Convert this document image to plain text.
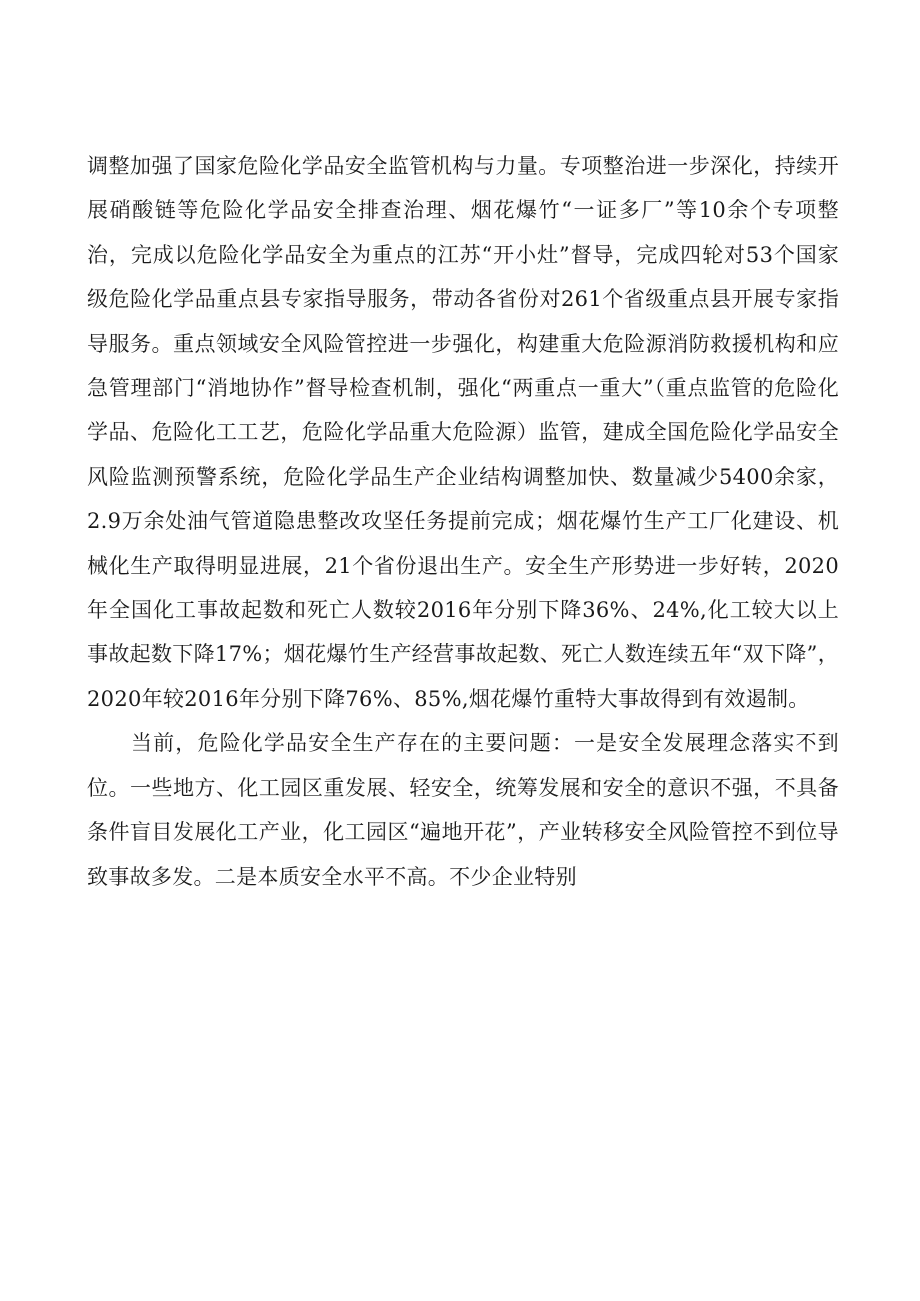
调整加强了国家危险化学品安全监管机构与力量。专项整治进一步深化，持续开展硝酸链等危险化学品安全排查治理、烟花爆竹“一证多厂”等10余个专项整治，完成以危险化学品安全为重点的江苏“开小灶”督导，完成四轮对53个国家级危险化学品重点县专家指导服务，带动各省份对261个省级重点县开展专家指导服务。重点领域安全风险管控进一步强化，构建重大危险源消防救援机构和应急管理部门“消地协作”督导检查机制，强化“两重点一重大”（重点监管的危险化学品、危险化工工艺，危险化学品重大危险源）监管，建成全国危险化学品安全风险监测预警系统，危险化学品生产企业结构调整加快、数量减少5400余家，2.9万余处油气管道隐患整改攻坚任务提前完成；烟花爆竹生产工厂化建设、机械化生产取得明显进展，21个省份退出生产。安全生产形势进一步好转，2020年全国化工事故起数和死亡人数较2016年分别下降36%、24%,化工较大以上事故起数下降17%；烟花爆竹生产经营事故起数、死亡人数连续五年“双下降”，2020年较2016年分别下降76%、85%,烟花爆竹重特大事故得到有效遏制。

当前，危险化学品安全生产存在的主要问题：一是安全发展理念落实不到位。一些地方、化工园区重发展、轻安全，统筹发展和安全的意识不强，不具备条件盲目发展化工产业，化工园区“遍地开花”，产业转移安全风险管控不到位导致事故多发。二是本质安全水平不高。不少企业特别
